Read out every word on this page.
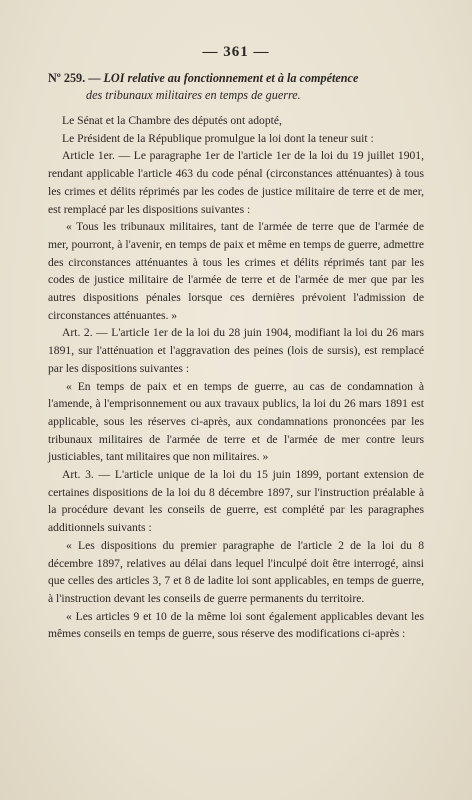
— 361 —
Nº 259. — LOI relative au fonctionnement et à la compétence
des tribunaux militaires en temps de guerre.

Le Sénat et la Chambre des députés ont adopté,

Le Président de la République promulgue la loi dont la teneur suit :

Article 1er. — Le paragraphe 1er de l'article 1er de la loi du 19 juillet 1901, rendant applicable l'article 463 du code pénal (circonstances atténuantes) à tous les crimes et délits réprimés par les codes de justice militaire de terre et de mer, est remplacé par les dispositions suivantes :

« Tous les tribunaux militaires, tant de l'armée de terre que de l'armée de mer, pourront, à l'avenir, en temps de paix et même en temps de guerre, admettre des circonstances atténuantes à tous les crimes et délits réprimés tant par les codes de justice militaire de l'armée de terre et de l'armée de mer que par les autres dispositions pénales lorsque ces dernières prévoient l'admission de circonstances atténuantes. »

Art. 2. — L'article 1er de la loi du 28 juin 1904, modifiant la loi du 26 mars 1891, sur l'atténuation et l'aggravation des peines (lois de sursis), est remplacé par les dispositions suivantes :

« En temps de paix et en temps de guerre, au cas de condamnation à l'amende, à l'emprisonnement ou aux travaux publics, la loi du 26 mars 1891 est applicable, sous les réserves ci-après, aux condamnations prononcées par les tribunaux militaires de l'armée de terre et de l'armée de mer contre leurs justiciables, tant militaires que non militaires. »

Art. 3. — L'article unique de la loi du 15 juin 1899, portant extension de certaines dispositions de la loi du 8 décembre 1897, sur l'instruction préalable à la procédure devant les conseils de guerre, est complété par les paragraphes additionnels suivants :

« Les dispositions du premier paragraphe de l'article 2 de la loi du 8 décembre 1897, relatives au délai dans lequel l'inculpé doit être interrogé, ainsi que celles des articles 3, 7 et 8 de ladite loi sont applicables, en temps de guerre, à l'instruction devant les conseils de guerre permanents du territoire.

« Les articles 9 et 10 de la même loi sont également applicables devant les mêmes conseils en temps de guerre, sous réserve des modifications ci-après :
